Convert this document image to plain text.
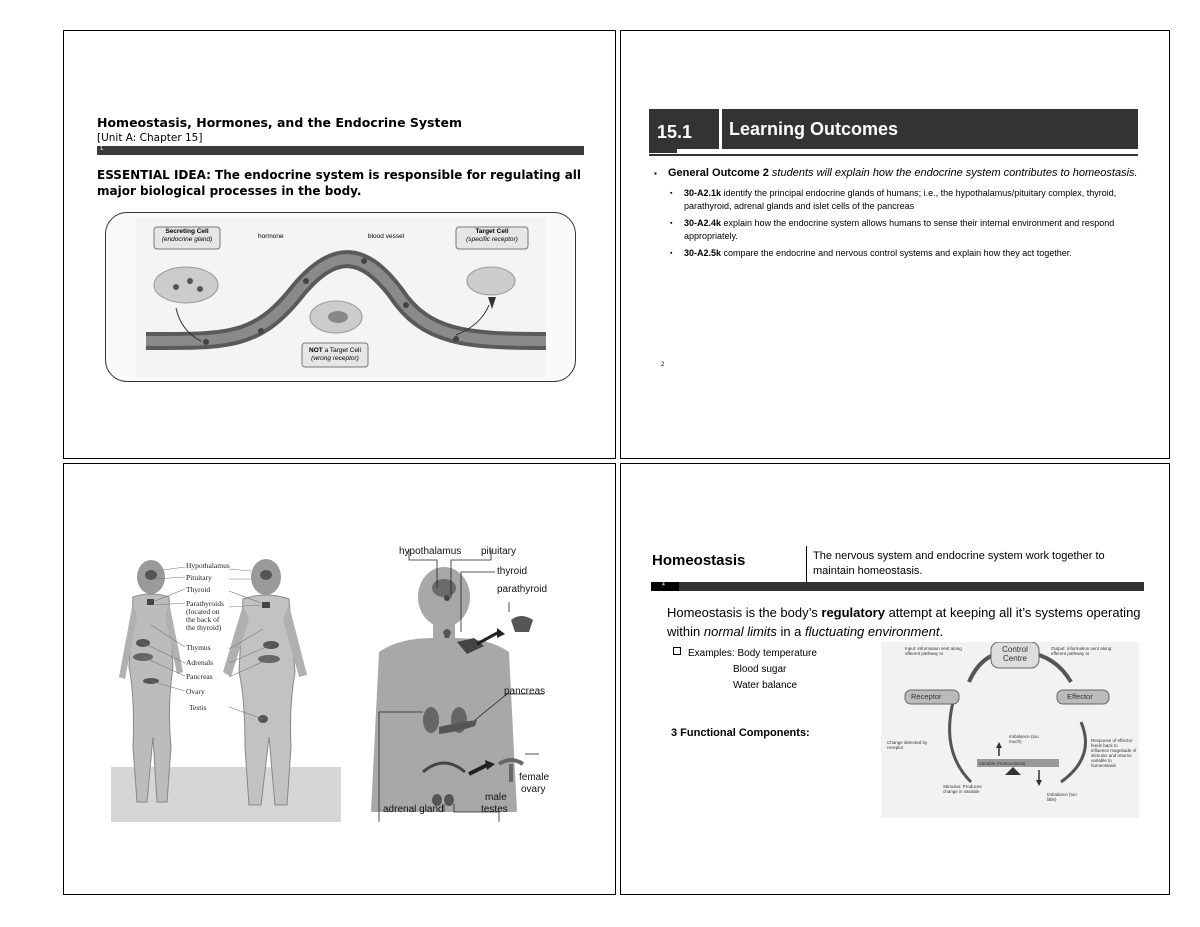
Homeostasis, Hormones, and the Endocrine System
[Unit A: Chapter 15]
1
ESSENTIAL IDEA: The endocrine system is responsible for regulating all major biological processes in the body.
Secreting Cell
(endocrine gland)	hormone	blood vessel
Target Cell
(specific receptor)
NOT a Target Cell
(wrong receptor)
15.1 Learning Outcomes
▪ General Outcome 2 students will explain how the endocrine system contributes to homeostasis.
▪ 30-A2.1k identify the principal endocrine glands of humans; i.e., the hypothalamus/pituitary complex, thyroid, parathyroid, adrenal glands and islet cells of the pancreas
▪ 30-A2.4k explain how the endocrine system allows humans to sense their internal environment and respond appropriately.
▪ 30-A2.5k compare the endocrine and nervous control systems and explain how they act together.
2
Hypothalamus
Pituitary
Thyroid
Parathyroids (located on the back of the thyroid)
Thymus
Adrenals
Pancreas
Ovary
Testis
hypothalamus pituitary
thyroid
parathyroid
pancreas
female
ovary
male
testes
adrenal gland
Homeostasis	The nervous system and endocrine system work together to maintain homeostasis.
4
Homeostasis is the body’s regulatory attempt at keeping all it’s systems operating within normal limits in a fluctuating environment.
Examples: Body temperature
Blood sugar
Water balance
3 Functional Components:
Control
Centre
Receptor	Effector
Variable (Homeostasis)
Imbalance (too much)
Imbalance (too little)
Stimulus: Produces change in variable
Change detected by receptor
Input: information sent along afferent pathway to
Output: information sent along efferent pathway to
Response of effector feeds back to influence magnitude of stimulus and returns variable to homeostasis
